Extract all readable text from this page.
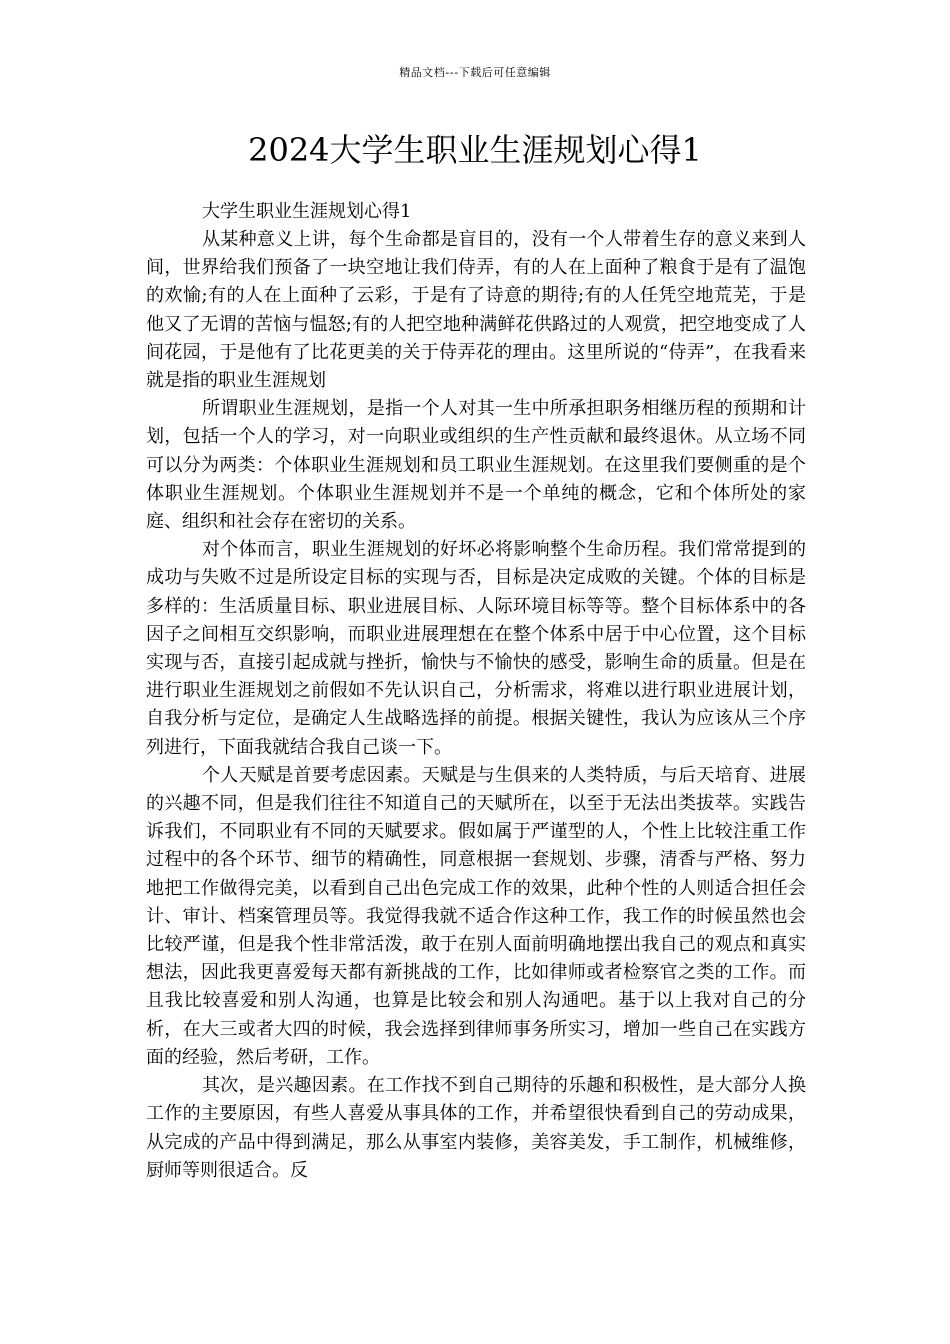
精品文档---下载后可任意编辑
2024大学生职业生涯规划心得1

大学生职业生涯规划心得1

从某种意义上讲，每个生命都是盲目的，没有一个人带着生存的意义来到人间，世界给我们预备了一块空地让我们侍弄，有的人在上面种了粮食于是有了温饱的欢愉;有的人在上面种了云彩，于是有了诗意的期待;有的人任凭空地荒芜，于是他又了无谓的苦恼与愠怒;有的人把空地种满鲜花供路过的人观赏，把空地变成了人间花园，于是他有了比花更美的关于侍弄花的理由。这里所说的“侍弄”，在我看来就是指的职业生涯规划

所谓职业生涯规划，是指一个人对其一生中所承担职务相继历程的预期和计划，包括一个人的学习，对一向职业或组织的生产性贡献和最终退休。从立场不同可以分为两类：个体职业生涯规划和员工职业生涯规划。在这里我们要侧重的是个体职业生涯规划。个体职业生涯规划并不是一个单纯的概念，它和个体所处的家庭、组织和社会存在密切的关系。

对个体而言，职业生涯规划的好坏必将影响整个生命历程。我们常常提到的成功与失败不过是所设定目标的实现与否，目标是决定成败的关键。个体的目标是多样的：生活质量目标、职业进展目标、人际环境目标等等。整个目标体系中的各因子之间相互交织影响，而职业进展理想在在整个体系中居于中心位置，这个目标实现与否，直接引起成就与挫折，愉快与不愉快的感受，影响生命的质量。但是在进行职业生涯规划之前假如不先认识自己，分析需求，将难以进行职业进展计划，自我分析与定位，是确定人生战略选择的前提。根据关键性，我认为应该从三个序列进行，下面我就结合我自己谈一下。

个人天赋是首要考虑因素。天赋是与生俱来的人类特质，与后天培育、进展的兴趣不同，但是我们往往不知道自己的天赋所在，以至于无法出类拔萃。实践告诉我们，不同职业有不同的天赋要求。假如属于严谨型的人，个性上比较注重工作过程中的各个环节、细节的精确性，同意根据一套规划、步骤，清香与严格、努力地把工作做得完美，以看到自己出色完成工作的效果，此种个性的人则适合担任会计、审计、档案管理员等。我觉得我就不适合作这种工作，我工作的时候虽然也会比较严谨，但是我个性非常活泼，敢于在别人面前明确地摆出我自己的观点和真实想法，因此我更喜爱每天都有新挑战的工作，比如律师或者检察官之类的工作。而且我比较喜爱和别人沟通，也算是比较会和别人沟通吧。基于以上我对自己的分析，在大三或者大四的时候，我会选择到律师事务所实习，增加一些自己在实践方面的经验，然后考研，工作。

其次，是兴趣因素。在工作找不到自己期待的乐趣和积极性，是大部分人换工作的主要原因，有些人喜爱从事具体的工作，并希望很快看到自己的劳动成果，从完成的产品中得到满足，那么从事室内装修，美容美发，手工制作，机械维修，厨师等则很适合。反
